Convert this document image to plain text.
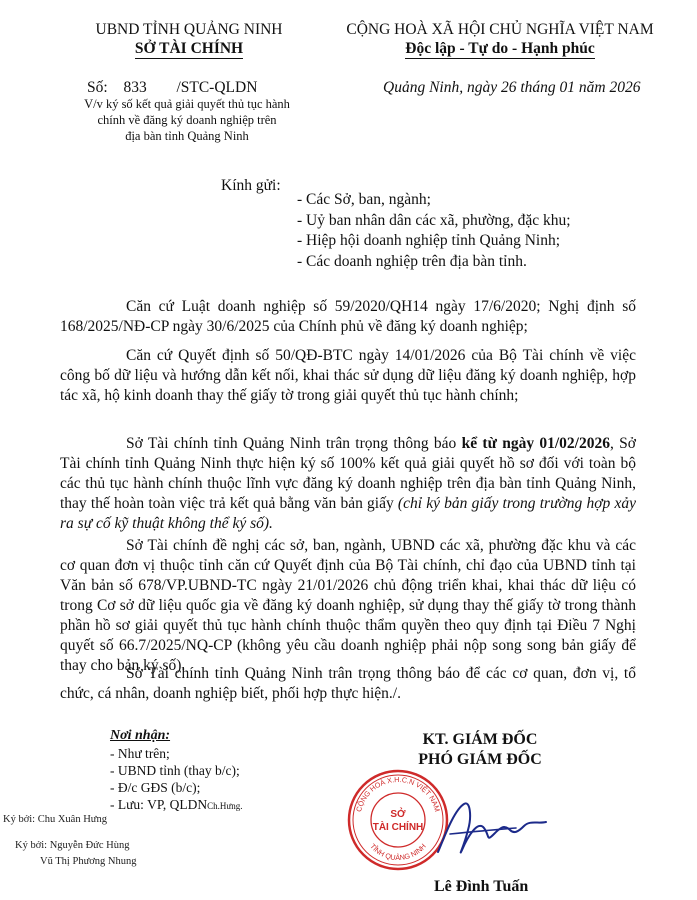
UBND TỈNH QUẢNG NINH
SỞ TÀI CHÍNH
Số: 833 /STC-QLDN
V/v ký số kết quả giải quyết thủ tục hành
chính về đăng ký doanh nghiệp trên
địa bàn tỉnh Quảng Ninh
CỘNG HOÀ XÃ HỘI CHỦ NGHĨA VIỆT NAM
Độc lập - Tự do - Hạnh phúc
Quảng Ninh, ngày 26 tháng 01 năm 2026
Kính gửi:
- Các Sở, ban, ngành;
- Uỷ ban nhân dân các xã, phường, đặc khu;
- Hiệp hội doanh nghiệp tỉnh Quảng Ninh;
- Các doanh nghiệp trên địa bàn tỉnh.
Căn cứ Luật doanh nghiệp số 59/2020/QH14 ngày 17/6/2020; Nghị định số 168/2025/NĐ-CP ngày 30/6/2025 của Chính phủ về đăng ký doanh nghiệp;
Căn cứ Quyết định số 50/QĐ-BTC ngày 14/01/2026 của Bộ Tài chính về việc công bố dữ liệu và hướng dẫn kết nối, khai thác sử dụng dữ liệu đăng ký doanh nghiệp, hợp tác xã, hộ kinh doanh thay thế giấy tờ trong giải quyết thủ tục hành chính;
Sở Tài chính tỉnh Quảng Ninh trân trọng thông báo kể từ ngày 01/02/2026, Sở Tài chính tỉnh Quảng Ninh thực hiện ký số 100% kết quả giải quyết hồ sơ đối với toàn bộ các thủ tục hành chính thuộc lĩnh vực đăng ký doanh nghiệp trên địa bàn tỉnh Quảng Ninh, thay thế hoàn toàn việc trả kết quả bằng văn bản giấy (chỉ ký bản giấy trong trường hợp xảy ra sự cố kỹ thuật không thể ký số).
Sở Tài chính đề nghị các sở, ban, ngành, UBND các xã, phường đặc khu và các cơ quan đơn vị thuộc tỉnh căn cứ Quyết định của Bộ Tài chính, chỉ đạo của UBND tỉnh tại Văn bản số 678/VP.UBND-TC ngày 21/01/2026 chủ động triển khai, khai thác dữ liệu có trong Cơ sở dữ liệu quốc gia về đăng ký doanh nghiệp, sử dụng thay thế giấy tờ trong thành phần hồ sơ giải quyết thủ tục hành chính thuộc thẩm quyền theo quy định tại Điều 7 Nghị quyết số 66.7/2025/NQ-CP (không yêu cầu doanh nghiệp phải nộp song song bản giấy để thay cho bản ký số).
Sở Tài chính tỉnh Quảng Ninh trân trọng thông báo để các cơ quan, đơn vị, tổ chức, cá nhân, doanh nghiệp biết, phối hợp thực hiện./.
Nơi nhận:
- Như trên;
- UBND tỉnh (thay b/c);
- Đ/c GĐS (b/c);
- Lưu: VP, QLDNCh.Hưng.
Ký bởi: Chu Xuân Hưng
Ký bởi: Nguyễn Đức Hùng
Vũ Thị Phương Nhung
KT. GIÁM ĐỐC
PHÓ GIÁM ĐỐC
CỘNG HOÀ X.H.C.N VIỆT NAM
TỈNH QUẢNG NINH
SỞ
TÀI CHÍNH
Lê Đình Tuấn
